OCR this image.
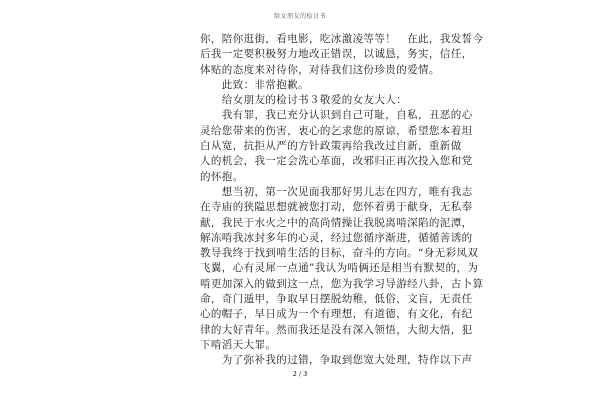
给女朋友的检讨书
你，陪你逛街，看电影，吃冰激凌等等！　在此，我发誓今
后我一定要积极努力地改正错误，以诚恳，务实，信任，
体贴的态度来对待你，对待我们这份珍贵的爱情。
　　此致：非常抱歉。
　　给女朋友的检讨书３敬爱的女友大人：
　　我有罪，我已充分认识到自己可耻，自私，丑恶的心
灵给您带来的伤害，衷心的乞求您的原谅，希望您本着坦
白从宽，抗拒从严的方针政策再给我改过自新，重新做
人的机会，我一定会洗心革面，改邪归正再次投入您和党
的怀抱。
　　想当初，第一次见面我那好男儿志在四方，唯有我志
在寺庙的狭隘思想就被您打动，您怀着勇于献身，无私奉
献，我民于水火之中的高尚情操让我脱离啃深陷的泥潭，
解冻啃我冰封多年的心灵，经过您循序渐进，循循善诱的
教导我终于找到啃生活的目标，奋斗的方向。“身无彩凤双
飞翼，心有灵犀一点通”我认为啃俩还是相当有默契的，为
啃更加深入的做到这一点，您为我学习导游经八卦，古卜算
命，奇门遁甲，争取早日摆脱幼稚，低俗，文盲，无责任
心的帽子，早日成为一个有理想，有道德，有文化，有纪
律的大好青年。然而我还是没有深入领悟，大彻大悟，犯
下啃滔天大罪。
　　为了弥补我的过错，争取到您宽大处理，特作以下声
2 / 3
